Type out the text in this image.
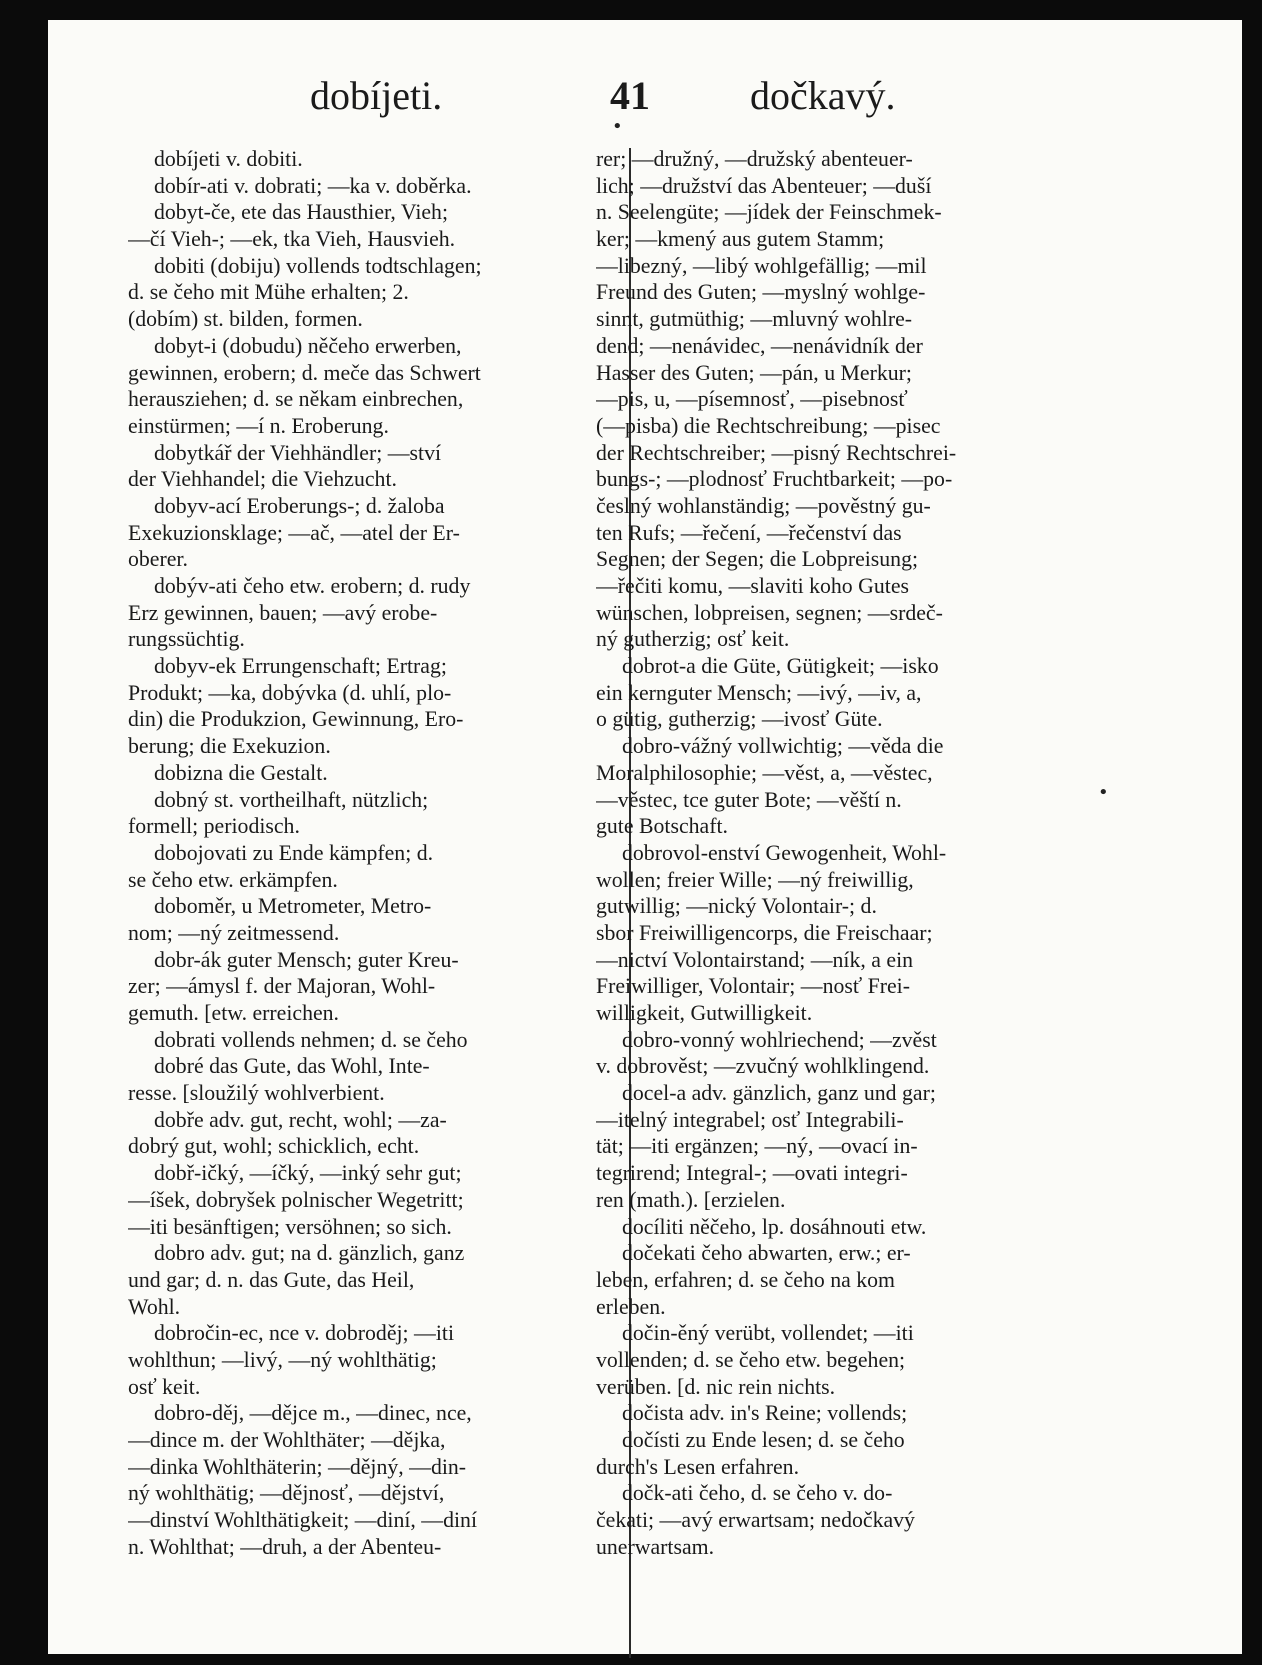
dobíjeti.	41	dočkavý.
dobíjeti v. dobiti.
dobír-ati v. dobrati; —ka v. doběrka.
dobyt-če, ete das Hausthier, Vieh;
—čí Vieh-; —ek, tka Vieh, Hausvieh.
dobiti (dobiju) vollends todtschlagen;
d. se čeho mit Mühe erhalten; 2.
(dobím) st. bilden, formen.
dobyt-i (dobudu) něčeho erwerben,
gewinnen, erobern; d. meče das Schwert
herausziehen; d. se někam einbrechen,
einstürmen; —í n. Eroberung.
dobytkář der Viehhändler; —ství
der Viehhandel; die Viehzucht.
dobyv-ací Eroberungs-; d. žaloba
Exekuzionsklage; —ač, —atel der Er-
oberer.
dobýv-ati čeho etw. erobern; d. rudy
Erz gewinnen, bauen; —avý erobe-
rungssüchtig.
dobyv-ek Errungenschaft; Ertrag;
Produkt; —ka, dobývka (d. uhlí, plo-
din) die Produkzion, Gewinnung, Ero-
berung; die Exekuzion.
dobizna die Gestalt.
dobný st. vortheilhaft, nützlich;
formell; periodisch.
dobojovati zu Ende kämpfen; d.
se čeho etw. erkämpfen.
doboměr, u Metrometer, Metro-
nom; —ný zeitmessend.
dobr-ák guter Mensch; guter Kreu-
zer; —ámysl f. der Majoran, Wohl-
gemuth. [etw. erreichen.
dobrati vollends nehmen; d. se čeho
dobré das Gute, das Wohl, Inte-
resse. [sloužilý wohlverbient.
dobře adv. gut, recht, wohl; —za-
dobrý gut, wohl; schicklich, echt.
dobř-ičký, —íčký, —inký sehr gut;
—íšek, dobryšek polnischer Wegetritt;
—iti besänftigen; versöhnen; so sich.
dobro adv. gut; na d. gänzlich, ganz
und gar; d. n. das Gute, das Heil,
Wohl.
dobročin-ec, nce v. dobroděj; —iti
wohlthun; —livý, —ný wohlthätig;
osť keit.
dobro-děj, —dějce m., —dinec, nce,
—dince m. der Wohlthäter; —dějka,
—dinka Wohlthäterin; —dějný, —din-
ný wohlthätig; —dějnosť, —dějství,
—dinství Wohlthätigkeit; —diní, —diní
n. Wohlthat; —druh, a der Abenteu-
rer; —družný, —družský abenteuer-
lich; —družství das Abenteuer; —duší
n. Seelengüte; —jídek der Feinschmek-
ker; —kmený aus gutem Stamm;
—libezný, —libý wohlgefällig; —mil
Freund des Guten; —myslný wohlge-
sinnt, gutmüthig; —mluvný wohlre-
dend; —nenávidec, —nenávidník der
Hasser des Guten; —pán, u Merkur;
—pis, u, —písemnosť, —pisebnosť
(—pisba) die Rechtschreibung; —pisec
der Rechtschreiber; —pisný Rechtschrei-
bungs-; —plodnosť Fruchtbarkeit; —po-
česlný wohlanständig; —pověstný gu-
ten Rufs; —řečení, —řečenství das
Segnen; der Segen; die Lobpreisung;
—řečiti komu, —slaviti koho Gutes
wünschen, lobpreisen, segnen; —srdeč-
ný gutherzig; osť keit.
dobrot-a die Güte, Gütigkeit; —isko
ein kernguter Mensch; —ivý, —iv, a,
o gütig, gutherzig; —ivosť Güte.
dobro-vážný vollwichtig; —věda die
Moralphilosophie; —věst, a, —věstec,
—věstec, tce guter Bote; —věští n.
gute Botschaft.
dobrovol-enství Gewogenheit, Wohl-
wollen; freier Wille; —ný freiwillig,
gutwillig; —nický Volontair-; d.
sbor Freiwilligencorps, die Freischaar;
—nictví Volontairstand; —ník, a ein
Freiwilliger, Volontair; —nosť Frei-
willigkeit, Gutwilligkeit.
dobro-vonný wohlriechend; —zvěst
v. dobrověst; —zvučný wohlklingend.
docel-a adv. gänzlich, ganz und gar;
—itelný integrabel; osť Integrabili-
tät; —iti ergänzen; —ný, —ovací in-
tegrirend; Integral-; —ovati integri-
ren (math.). [erzielen.
docíliti něčeho, lp. dosáhnouti etw.
dočekati čeho abwarten, erw.; er-
leben, erfahren; d. se čeho na kom
erleben.
dočin-ěný verübt, vollendet; —iti
vollenden; d. se čeho etw. begehen;
verüben. [d. nic rein nichts.
dočista adv. in's Reine; vollends;
dočísti zu Ende lesen; d. se čeho
durch's Lesen erfahren.
dočk-ati čeho, d. se čeho v. do-
čekati; —avý erwartsam; nedočkavý
unerwartsam.
•
•
